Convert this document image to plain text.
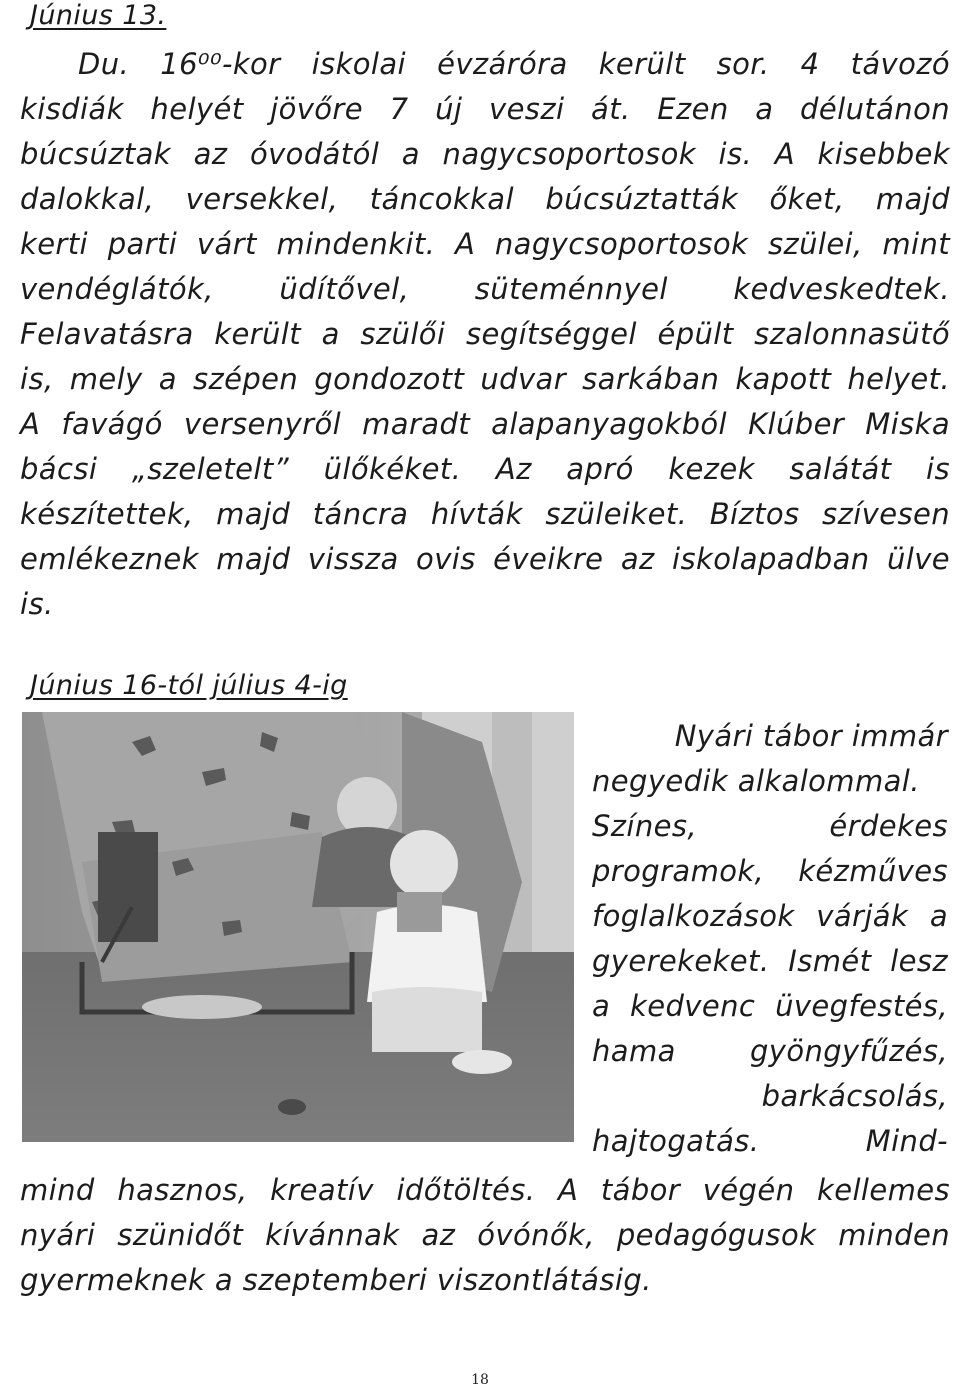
Június 13.

Du. 16⁰⁰-kor iskolai évzáróra került sor. 4 távozó
kisdiák helyét jövőre 7 új veszi át. Ezen a délutánon
búcsúztak az óvodától a nagycsoportosok is. A kisebbek
dalokkal, versekkel, táncokkal búcsúztatták őket, majd
kerti parti várt mindenkit. A nagycsoportosok szülei, mint
vendéglátók, üdítővel, süteménnyel kedveskedtek.
Felavatásra került a szülői segítséggel épült szalonnasütő
is, mely a szépen gondozott udvar sarkában kapott helyet.
A favágó versenyről maradt alapanyagokból Klúber Miska
bácsi „szeletelt” ülőkéket. Az apró kezek salátát is
készítettek, majd táncra hívták szüleiket. Bíztos szívesen
emlékeznek majd vissza ovis éveikre az iskolapadban ülve
is.

Június 16-tól július 4-ig

Nyári tábor immár
negyedik alkalommal.
Színes, érdekes
programok, kézműves
foglalkozások várják a
gyerekeket. Ismét lesz
a kedvenc üvegfestés,
hama gyöngyfűzés,
barkácsolás,
hajtogatás. Mind-

mind hasznos, kreatív időtöltés. A tábor végén kellemes
nyári szünidőt kívánnak az óvónők, pedagógusok minden
gyermeknek a szeptemberi viszontlátásig.

18
